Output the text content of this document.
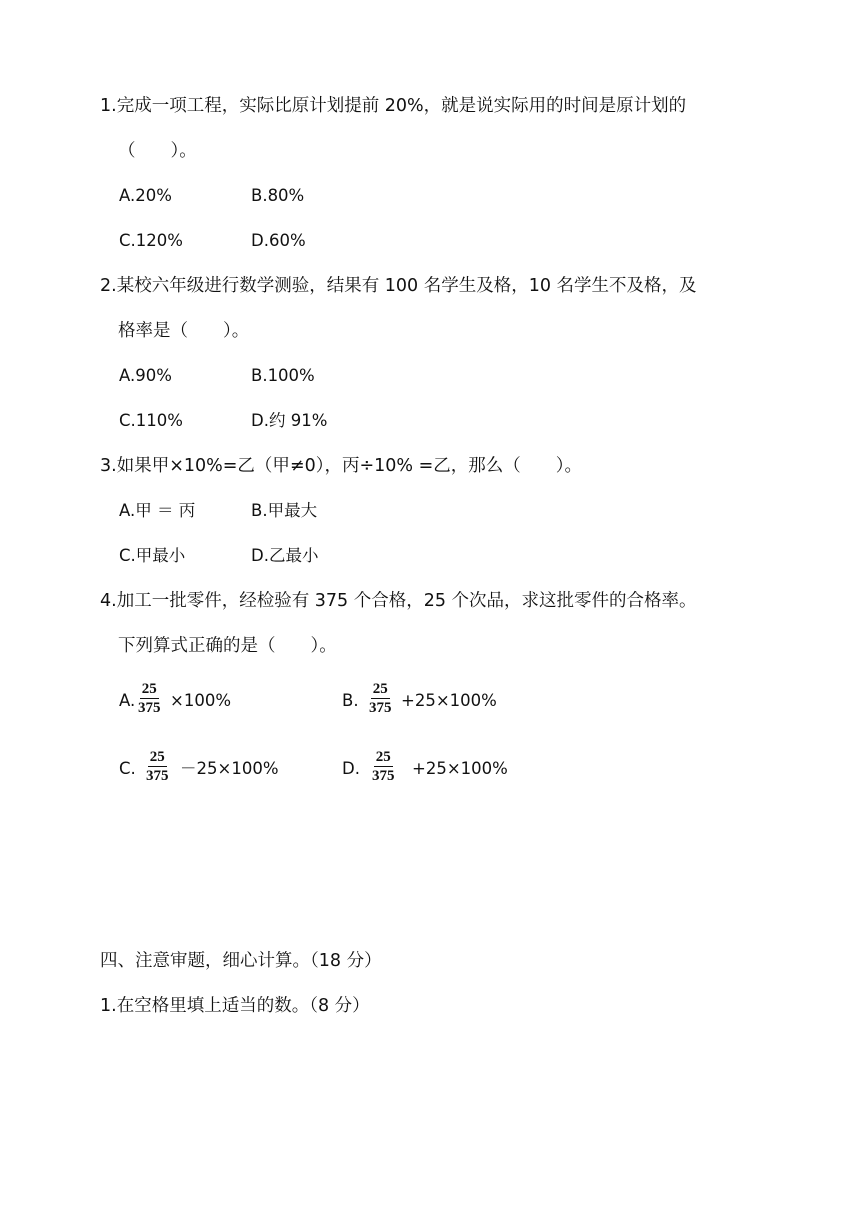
1.完成一项工程，实际比原计划提前 20%，就是说实际用的时间是原计划的
（　　）。
A.20%	B.80%
C.120%	D.60%
2.某校六年级进行数学测验，结果有 100 名学生及格，10 名学生不及格，及
格率是（　　）。
A.90%	B.100%
C.110%	D.约 91%
3.如果甲×10%=乙（甲≠0），丙÷10% =乙，那么（　　）。
A.甲 ＝ 丙	B.甲最大
C.甲最小	D.乙最小
4.加工一批零件，经检验有 375 个合格，25 个次品，求这批零件的合格率。
下列算式正确的是（　　）。
A. $\frac{25}{375} \times 100\%$	B. $\frac{25}{375} +25\times 100\%$
C. $\frac{25}{375} -25\times 100\%$	D. $\frac{25}{375} +25\times 100\%$
四、注意审题，细心计算。（18 分）
1.在空格里填上适当的数。（8 分）
